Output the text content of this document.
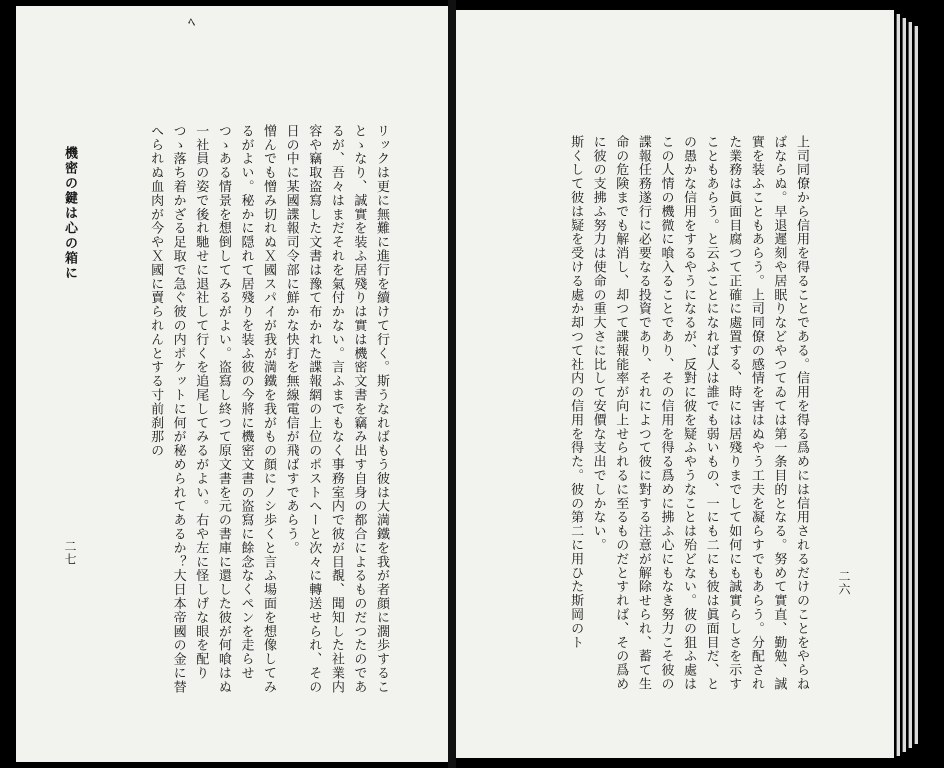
ﾍ

リックは更に無難に進行を續けて行く。斯うなればもう彼は大満鐵を我が者顔に濶歩することゝなり、誠實を装ふ居殘りは實は機密文書を竊み出す自身の都合によるものだつたのであるが、吾々はまだそれを氣付かない。言ふまでもなく事務室内で彼が目覩、聞知した社業内容や竊取盗寫した文書は豫て布かれた諜報網の上位のポストへーと次々に轉送せられ、その日の中に某國諜報司令部に鮮かな快打を無線電信が飛ばすであらう。

憎んでも憎み切れぬＸ國スパイが我が満鐵を我がもの顔にノシ歩くと言ふ場面を想像してみるがよい。秘かに隠れて居殘りを装ふ彼の今將に機密文書の盗寫に餘念なくペンを走らせつゝある情景を想倒してみるがよい。盗寫し終つて原文書を元の書庫に還した彼が何喰はぬ一社員の姿で後れ馳せに退社して行くを追尾してみるがよい。右や左に怪しげな眼を配りつゝ落ち着かざる足取で急ぐ彼の内ポケットに何が秘められてあるか？大日本帝國の金に替へられぬ血肉が今やＸ國に賣られんとする寸前刹那の

機密の鍵は心の箱に
二七	上司同僚から信用を得ることである。信用を得る爲めには信用されるだけのことをやらねばならぬ。早退遲刻や居眠りなどやつてゐては第一条目的となる。努めて實直、勤勉、誠實を装ふこともあらう。上司同僚の感情を害はぬやう工夫を凝らすでもあらう。分配された業務は眞面目腐つて正確に處置する、時には居殘りまでして如何にも誠實らしさを示すこともあらう。と云ふことになれば人は誰でも弱いもの、一にも二にも彼は眞面目だ、との愚かな信用をするやうになるが、反對に彼を疑ふやうなことは殆どない。彼の狙ふ處はこの人情の機微に喰入ることであり、その信用を得る爲めに拂ふ心にもなき努力こそ彼の諜報任務遂行に必要なる投資であり、それによつて彼に對する注意が解除せられ、蓄て生命の危険までも解消し、却つて諜報能率が向上せられるに至るものだとすれば、その爲めに彼の支拂ふ努力は使命の重大さに比して安價な支出でしかない。

斯くして彼は疑を受ける處か却つて社内の信用を得た。彼の第二に用ひた斯岡のト	二六
